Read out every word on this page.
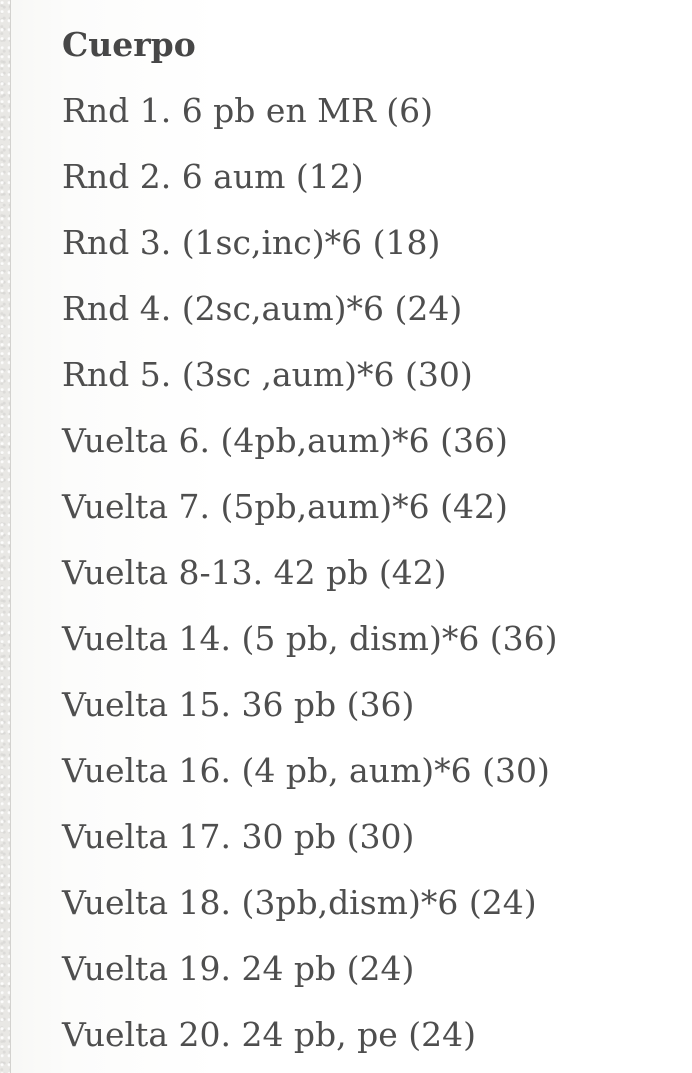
Cuerpo
Rnd 1. 6 pb en MR (6)
Rnd 2. 6 aum (12)
Rnd 3. (1sc,inc)*6 (18)
Rnd 4. (2sc,aum)*6 (24)
Rnd 5. (3sc ,aum)*6 (30)
Vuelta 6. (4pb,aum)*6 (36)
Vuelta 7. (5pb,aum)*6 (42)
Vuelta 8-13. 42 pb (42)
Vuelta 14. (5 pb, dism)*6 (36)
Vuelta 15. 36 pb (36)
Vuelta 16. (4 pb, aum)*6 (30)
Vuelta 17. 30 pb (30)
Vuelta 18. (3pb,dism)*6 (24)
Vuelta 19. 24 pb (24)
Vuelta 20. 24 pb, pe (24)
